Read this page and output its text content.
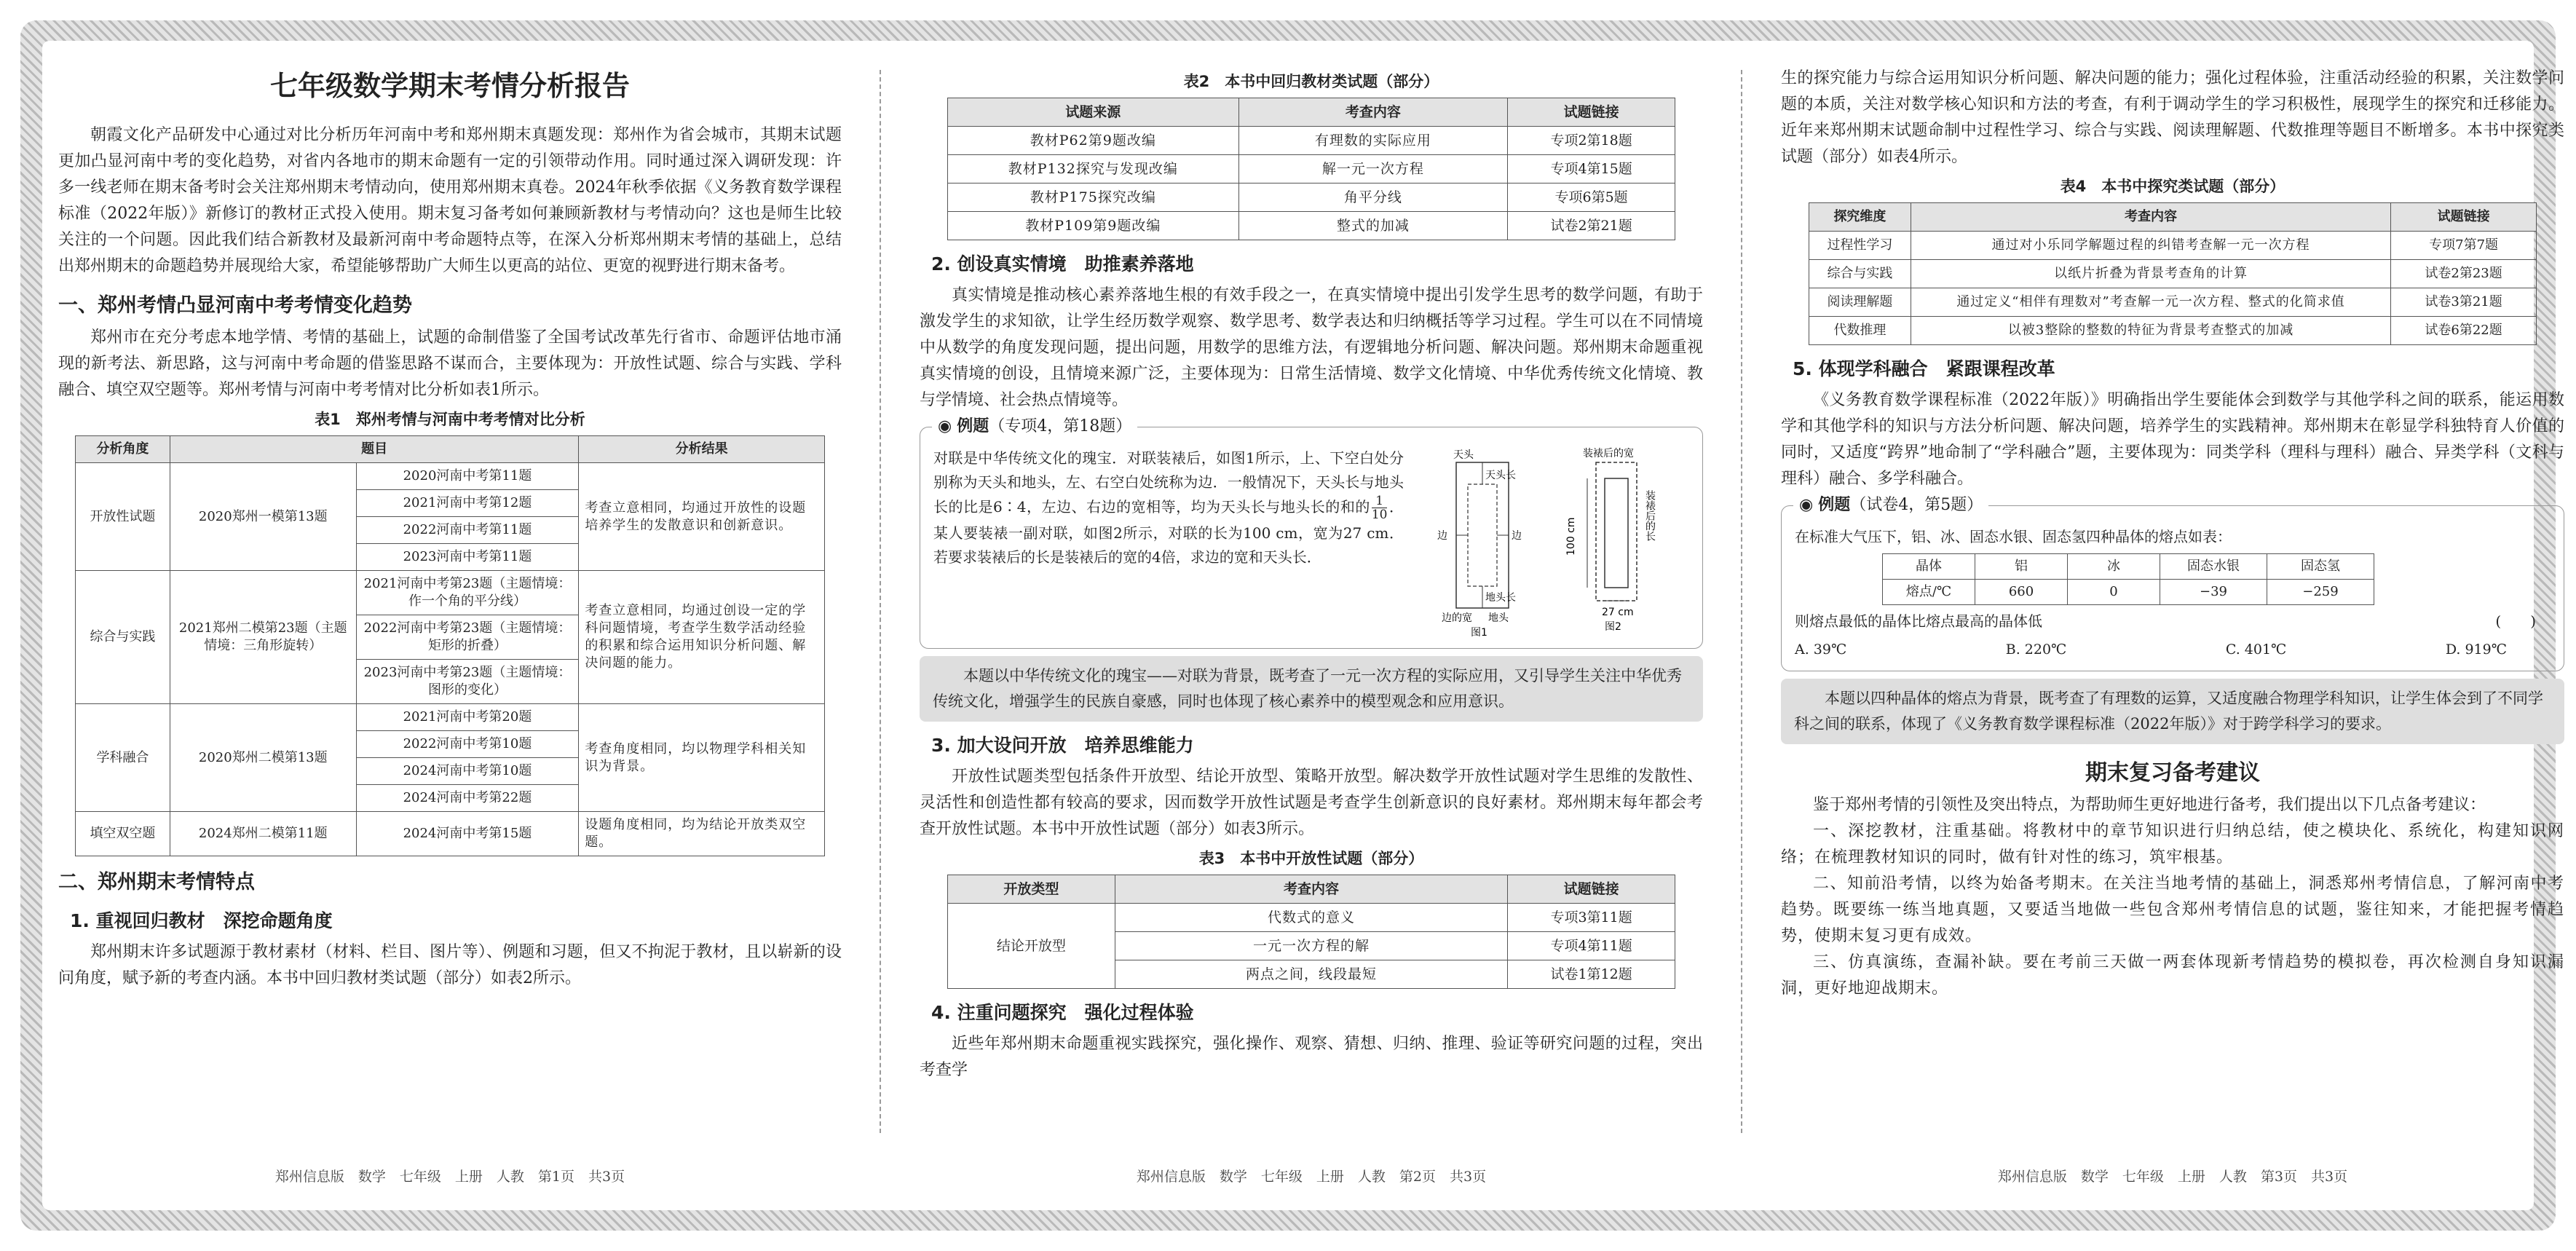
七年级数学期末考情分析报告

朝霞文化产品研发中心通过对比分析历年河南中考和郑州期末真题发现：郑州作为省会城市，其期末试题更加凸显河南中考的变化趋势，对省内各地市的期末命题有一定的引领带动作用。同时通过深入调研发现：许多一线老师在期末备考时会关注郑州期末考情动向，使用郑州期末真卷。2024年秋季依据《义务教育数学课程标准（2022年版）》新修订的教材正式投入使用。期末复习备考如何兼顾新教材与考情动向？这也是师生比较关注的一个问题。因此我们结合新教材及最新河南中考命题特点等，在深入分析郑州期末考情的基础上，总结出郑州期末的命题趋势并展现给大家，希望能够帮助广大师生以更高的站位、更宽的视野进行期末备考。

一、郑州考情凸显河南中考考情变化趋势

郑州市在充分考虑本地学情、考情的基础上，试题的命制借鉴了全国考试改革先行省市、命题评估地市涌现的新考法、新思路，这与河南中考命题的借鉴思路不谋而合，主要体现为：开放性试题、综合与实践、学科融合、填空双空题等。郑州考情与河南中考考情对比分析如表1所示。

表1　郑州考情与河南中考考情对比分析
分析角度	题目		分析结果
开放性试题	2020郑州一模第13题	2020河南中考第11题	考查立意相同，均通过开放性的设题培养学生的发散意识和创新意识。
		2021河南中考第12题	
		2022河南中考第11题	
		2023河南中考第11题	
综合与实践	2021郑州二模第23题（主题情境：三角形旋转）	2021河南中考第23题（主题情境：作一个角的平分线）	考查立意相同，均通过创设一定的学科问题情境，考查学生数学活动经验的积累和综合运用知识分析问题、解决问题的能力。
		2022河南中考第23题（主题情境：矩形的折叠）	
		2023河南中考第23题（主题情境：图形的变化）	
学科融合	2020郑州二模第13题	2021河南中考第20题	考查角度相同，均以物理学科相关知识为背景。
		2022河南中考第10题	
		2024河南中考第10题	
		2024河南中考第22题	
填空双空题	2024郑州二模第11题	2024河南中考第15题	设题角度相同，均为结论开放类双空题。
二、郑州期末考情特点
1. 重视回归教材　深挖命题角度

郑州期末许多试题源于教材素材（材料、栏目、图片等）、例题和习题，但又不拘泥于教材，且以崭新的设问角度，赋予新的考查内涵。本书中回归教材类试题（部分）如表2所示。

郑州信息版　数学　七年级　上册　人教　第1页　共3页
表2　本书中回归教材类试题（部分）
试题来源	考查内容	试题链接
教材P62第9题改编	有理数的实际应用	专项2第18题
教材P132探究与发现改编	解一元一次方程	专项4第15题
教材P175探究改编	角平分线	专项6第5题
教材P109第9题改编	整式的加减	试卷2第21题
2. 创设真实情境　助推素养落地

真实情境是推动核心素养落地生根的有效手段之一，在真实情境中提出引发学生思考的数学问题，有助于激发学生的求知欲，让学生经历数学观察、数学思考、数学表达和归纳概括等学习过程。学生可以在不同情境中从数学的角度发现问题，提出问题，用数学的思维方法，有逻辑地分析问题、解决问题。郑州期末命题重视真实情境的创设，且情境来源广泛，主要体现为：日常生活情境、数学文化情境、中华优秀传统文化情境、教与学情境、社会热点情境等。

◉ 例题（专项4，第18题）
对联是中华传统文化的瑰宝．对联装裱后，如图1所示，上、下空白处分别称为天头和地头，左、右空白处统称为边．一般情况下，天头长与地头长的比是6∶4，左边、右边的宽相等，均为天头长与地头长的和的 $\frac{1}{10}$ ．某人要装裱一副对联，如图2所示，对联的长为100 cm，宽为27 cm．若要求装裱后的长是装裱后的宽的4倍，求边的宽和天头长．
天头
天头长
边	边
地头长
边的宽 地头
图1
装裱后的宽
装裱后的长
100 cm
27 cm
图2
本题以中华传统文化的瑰宝——对联为背景，既考查了一元一次方程的实际应用，又引导学生关注中华优秀传统文化，增强学生的民族自豪感，同时也体现了核心素养中的模型观念和应用意识。
3. 加大设问开放　培养思维能力

开放性试题类型包括条件开放型、结论开放型、策略开放型。解决数学开放性试题对学生思维的发散性、灵活性和创造性都有较高的要求，因而数学开放性试题是考查学生创新意识的良好素材。郑州期末每年都会考查开放性试题。本书中开放性试题（部分）如表3所示。

表3　本书中开放性试题（部分）
开放类型	考查内容	试题链接
结论开放型	代数式的意义	专项3第11题
	一元一次方程的解	专项4第11题
	两点之间，线段最短	试卷1第12题
4. 注重问题探究　强化过程体验

近些年郑州期末命题重视实践探究，强化操作、观察、猜想、归纳、推理、验证等研究问题的过程，突出考查学

郑州信息版　数学　七年级　上册　人教　第2页　共3页

生的探究能力与综合运用知识分析问题、解决问题的能力；强化过程体验，注重活动经验的积累，关注数学问题的本质，关注对数学核心知识和方法的考查，有利于调动学生的学习积极性，展现学生的探究和迁移能力。近年来郑州期末试题命制中过程性学习、综合与实践、阅读理解题、代数推理等题目不断增多。本书中探究类试题（部分）如表4所示。

表4　本书中探究类试题（部分）
探究维度	考查内容	试题链接
过程性学习	通过对小乐同学解题过程的纠错考查解一元一次方程	专项7第7题
综合与实践	以纸片折叠为背景考查角的计算	试卷2第23题
阅读理解题	通过定义“相伴有理数对”考查解一元一次方程、整式的化简求值	试卷3第21题
代数推理	以被3整除的整数的特征为背景考查整式的加减	试卷6第22题
5. 体现学科融合　紧跟课程改革

《义务教育数学课程标准（2022年版）》明确指出学生要能体会到数学与其他学科之间的联系，能运用数学和其他学科的知识与方法分析问题、解决问题，培养学生的实践精神。郑州期末在彰显学科独特育人价值的同时，又适度“跨界”地命制了“学科融合”题，主要体现为：同类学科（理科与理科）融合、异类学科（文科与理科）融合、多学科融合。

◉ 例题（试卷4，第5题）
在标准大气压下，铝、冰、固态水银、固态氢四种晶体的熔点如表：
晶体	铝	冰	固态水银	固态氢
熔点/℃	660	0	−39	−259
则熔点最低的晶体比熔点最高的晶体低	(　　)
A. 39℃	B. 220℃	C. 401℃	D. 919℃
本题以四种晶体的熔点为背景，既考查了有理数的运算，又适度融合物理学科知识，让学生体会到了不同学科之间的联系，体现了《义务教育数学课程标准（2022年版）》对于跨学科学习的要求。
期末复习备考建议

鉴于郑州考情的引领性及突出特点，为帮助师生更好地进行备考，我们提出以下几点备考建议：

一、深挖教材，注重基础。将教材中的章节知识进行归纳总结，使之模块化、系统化，构建知识网络；在梳理教材知识的同时，做有针对性的练习，筑牢根基。

二、知前沿考情，以终为始备考期末。在关注当地考情的基础上，洞悉郑州考情信息，了解河南中考趋势。既要练一练当地真题，又要适当地做一些包含郑州考情信息的试题，鉴往知来，才能把握考情趋势，使期末复习更有成效。

三、仿真演练，查漏补缺。要在考前三天做一两套体现新考情趋势的模拟卷，再次检测自身知识漏洞，更好地迎战期末。

郑州信息版　数学　七年级　上册　人教　第3页　共3页
